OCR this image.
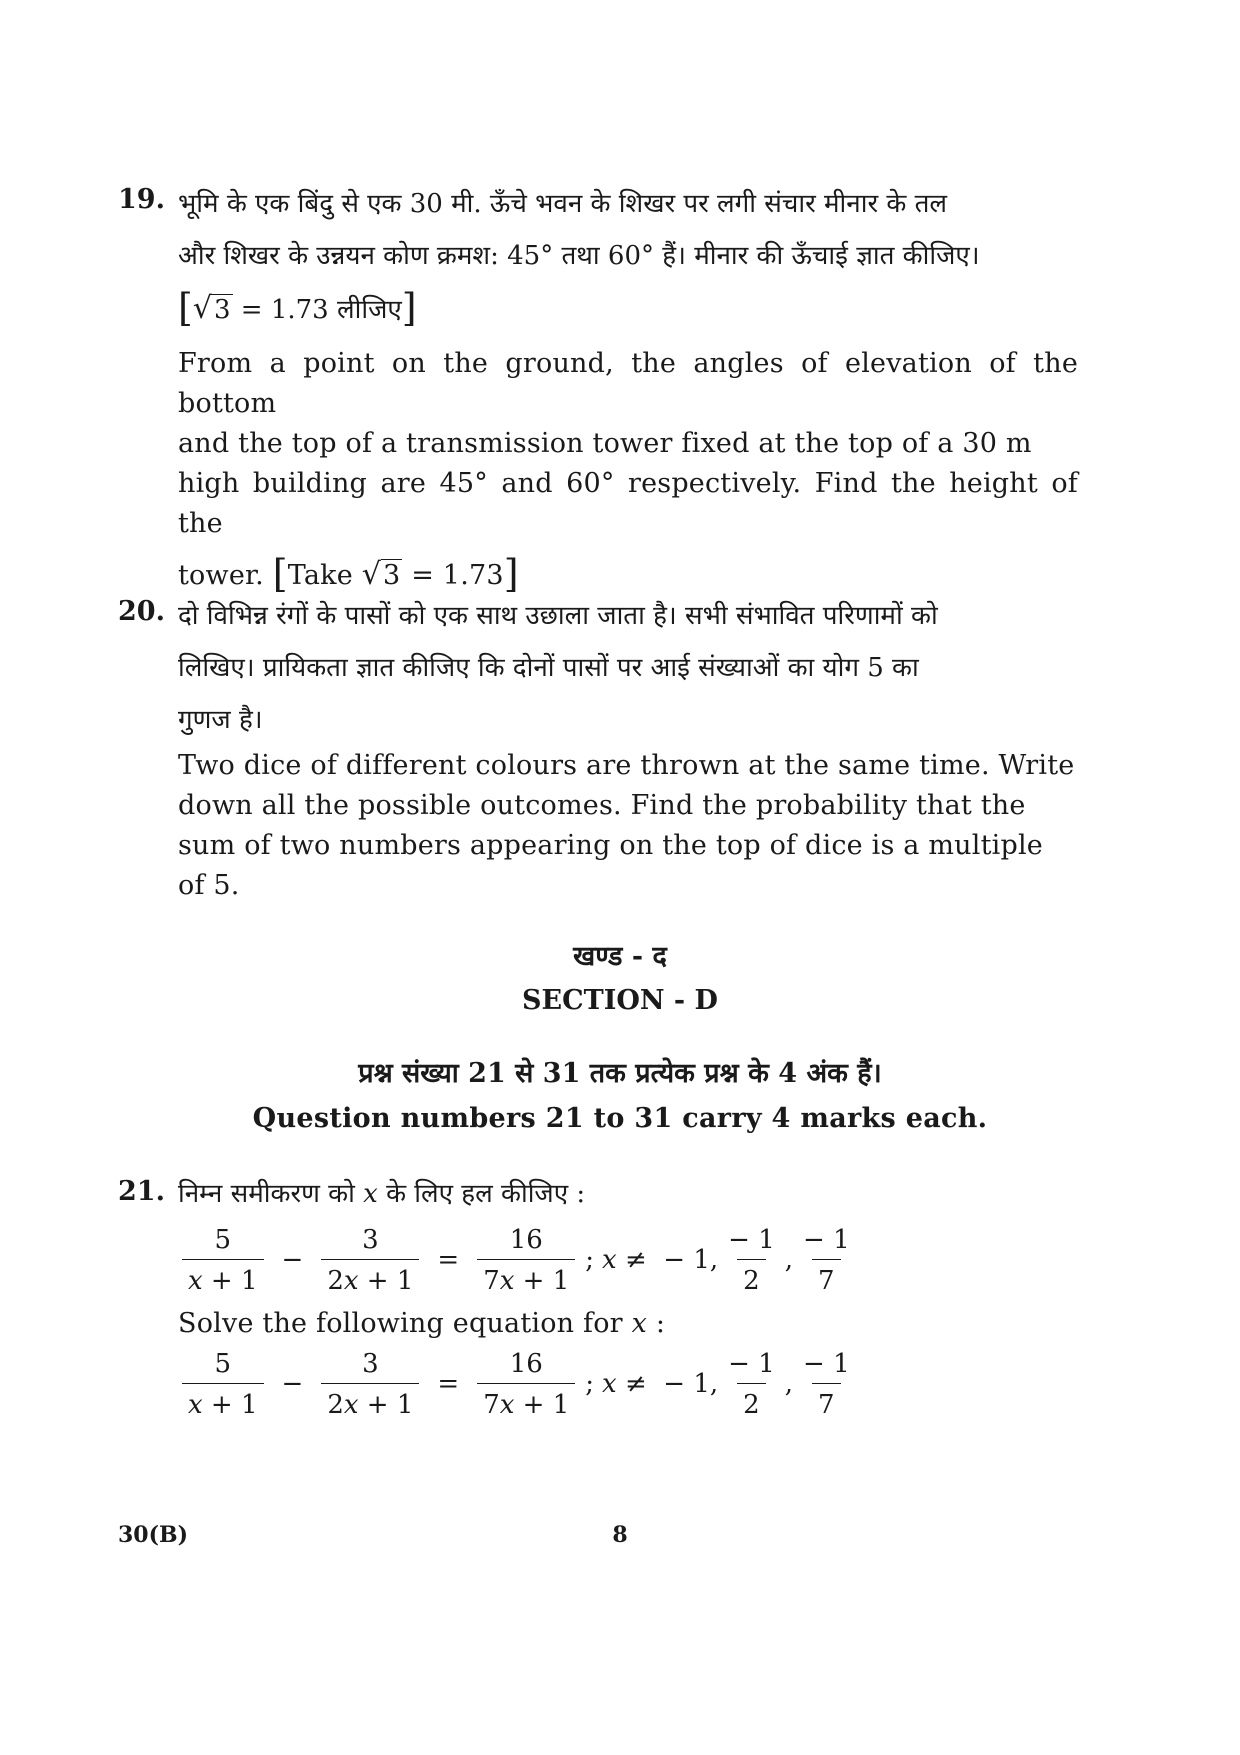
19. भूमि के एक बिंदु से एक 30 मी. ऊँचे भवन के शिखर पर लगी संचार मीनार के तल
और शिखर के उन्नयन कोण क्रमश: 45° तथा 60° हैं। मीनार की ऊँचाई ज्ञात कीजिए।
[√3 = 1.73 लीजिए]
From a point on the ground, the angles of elevation of the bottom
and the top of a transmission tower fixed at the top of a 30 m
high building are 45° and 60° respectively. Find the height of the
tower. [Take √3 = 1.73]
20. दो विभिन्न रंगों के पासों को एक साथ उछाला जाता है। सभी संभावित परिणामों को
लिखिए। प्रायिकता ज्ञात कीजिए कि दोनों पासों पर आई संख्याओं का योग 5 का
गुणज है।
Two dice of different colours are thrown at the same time. Write
down all the possible outcomes. Find the probability that the
sum of two numbers appearing on the top of dice is a multiple
of 5.
खण्ड - द
SECTION - D
प्रश्न संख्या 21 से 31 तक प्रत्येक प्रश्न के 4 अंक हैं।
Question numbers 21 to 31 carry 4 marks each.
21. निम्न समीकरण को x के लिए हल कीजिए :
$\frac{5}{x + 1} - \frac{3}{2x + 1} = \frac{16}{7x + 1}$ ; x ≠  − 1, $\frac{- 1}{2}$ , $\frac{- 1}{7}$
Solve the following equation for x :
$\frac{5}{x + 1} - \frac{3}{2x + 1} = \frac{16}{7x + 1}$ ; x ≠  − 1, $\frac{- 1}{2}$ , $\frac{- 1}{7}$
30(B)	8
